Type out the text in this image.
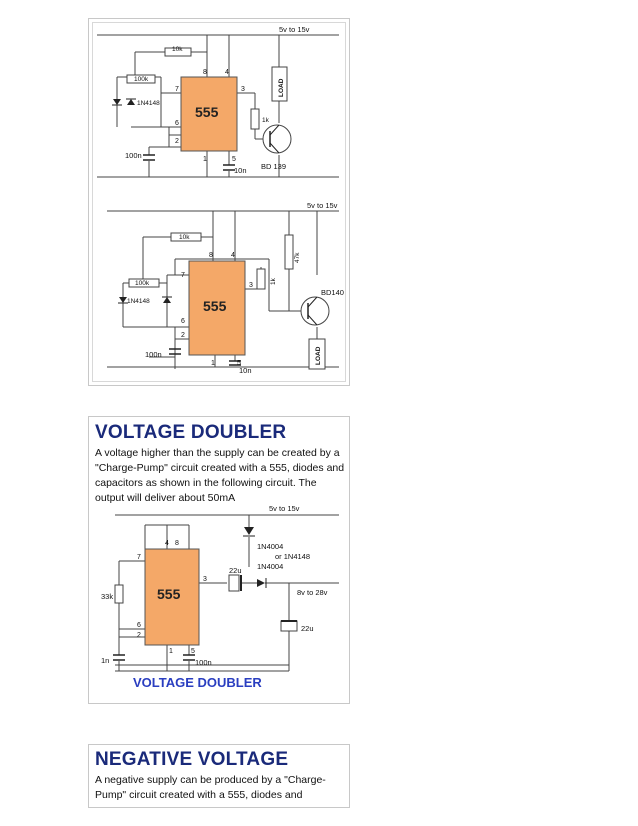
5v to 15v
10k
100k
1N4148
100n
10n
1k
LOAD
BD 139
555
8	4
7	3
6
2
1	5
5v to 15v
10k
100k
1N4148
100n
10n
1k
47k
LOAD
BD140
555
8	4
7
3
6
2
1	5
VOLTAGE DOUBLER
A voltage higher than the supply can be created by a "Charge-Pump" circuit created with a 555, diodes and capacitors as shown in the following circuit. The output will deliver about 50mA
5v to 15v
555
33k
1n	100n
22u
22u
1N4004
or 1N4148
1N4004
8v to 28v
4 8
7
3
6
2
1	5
VOLTAGE DOUBLER
NEGATIVE VOLTAGE
A negative supply can be produced by a "Charge-Pump" circuit created with a 555, diodes and
